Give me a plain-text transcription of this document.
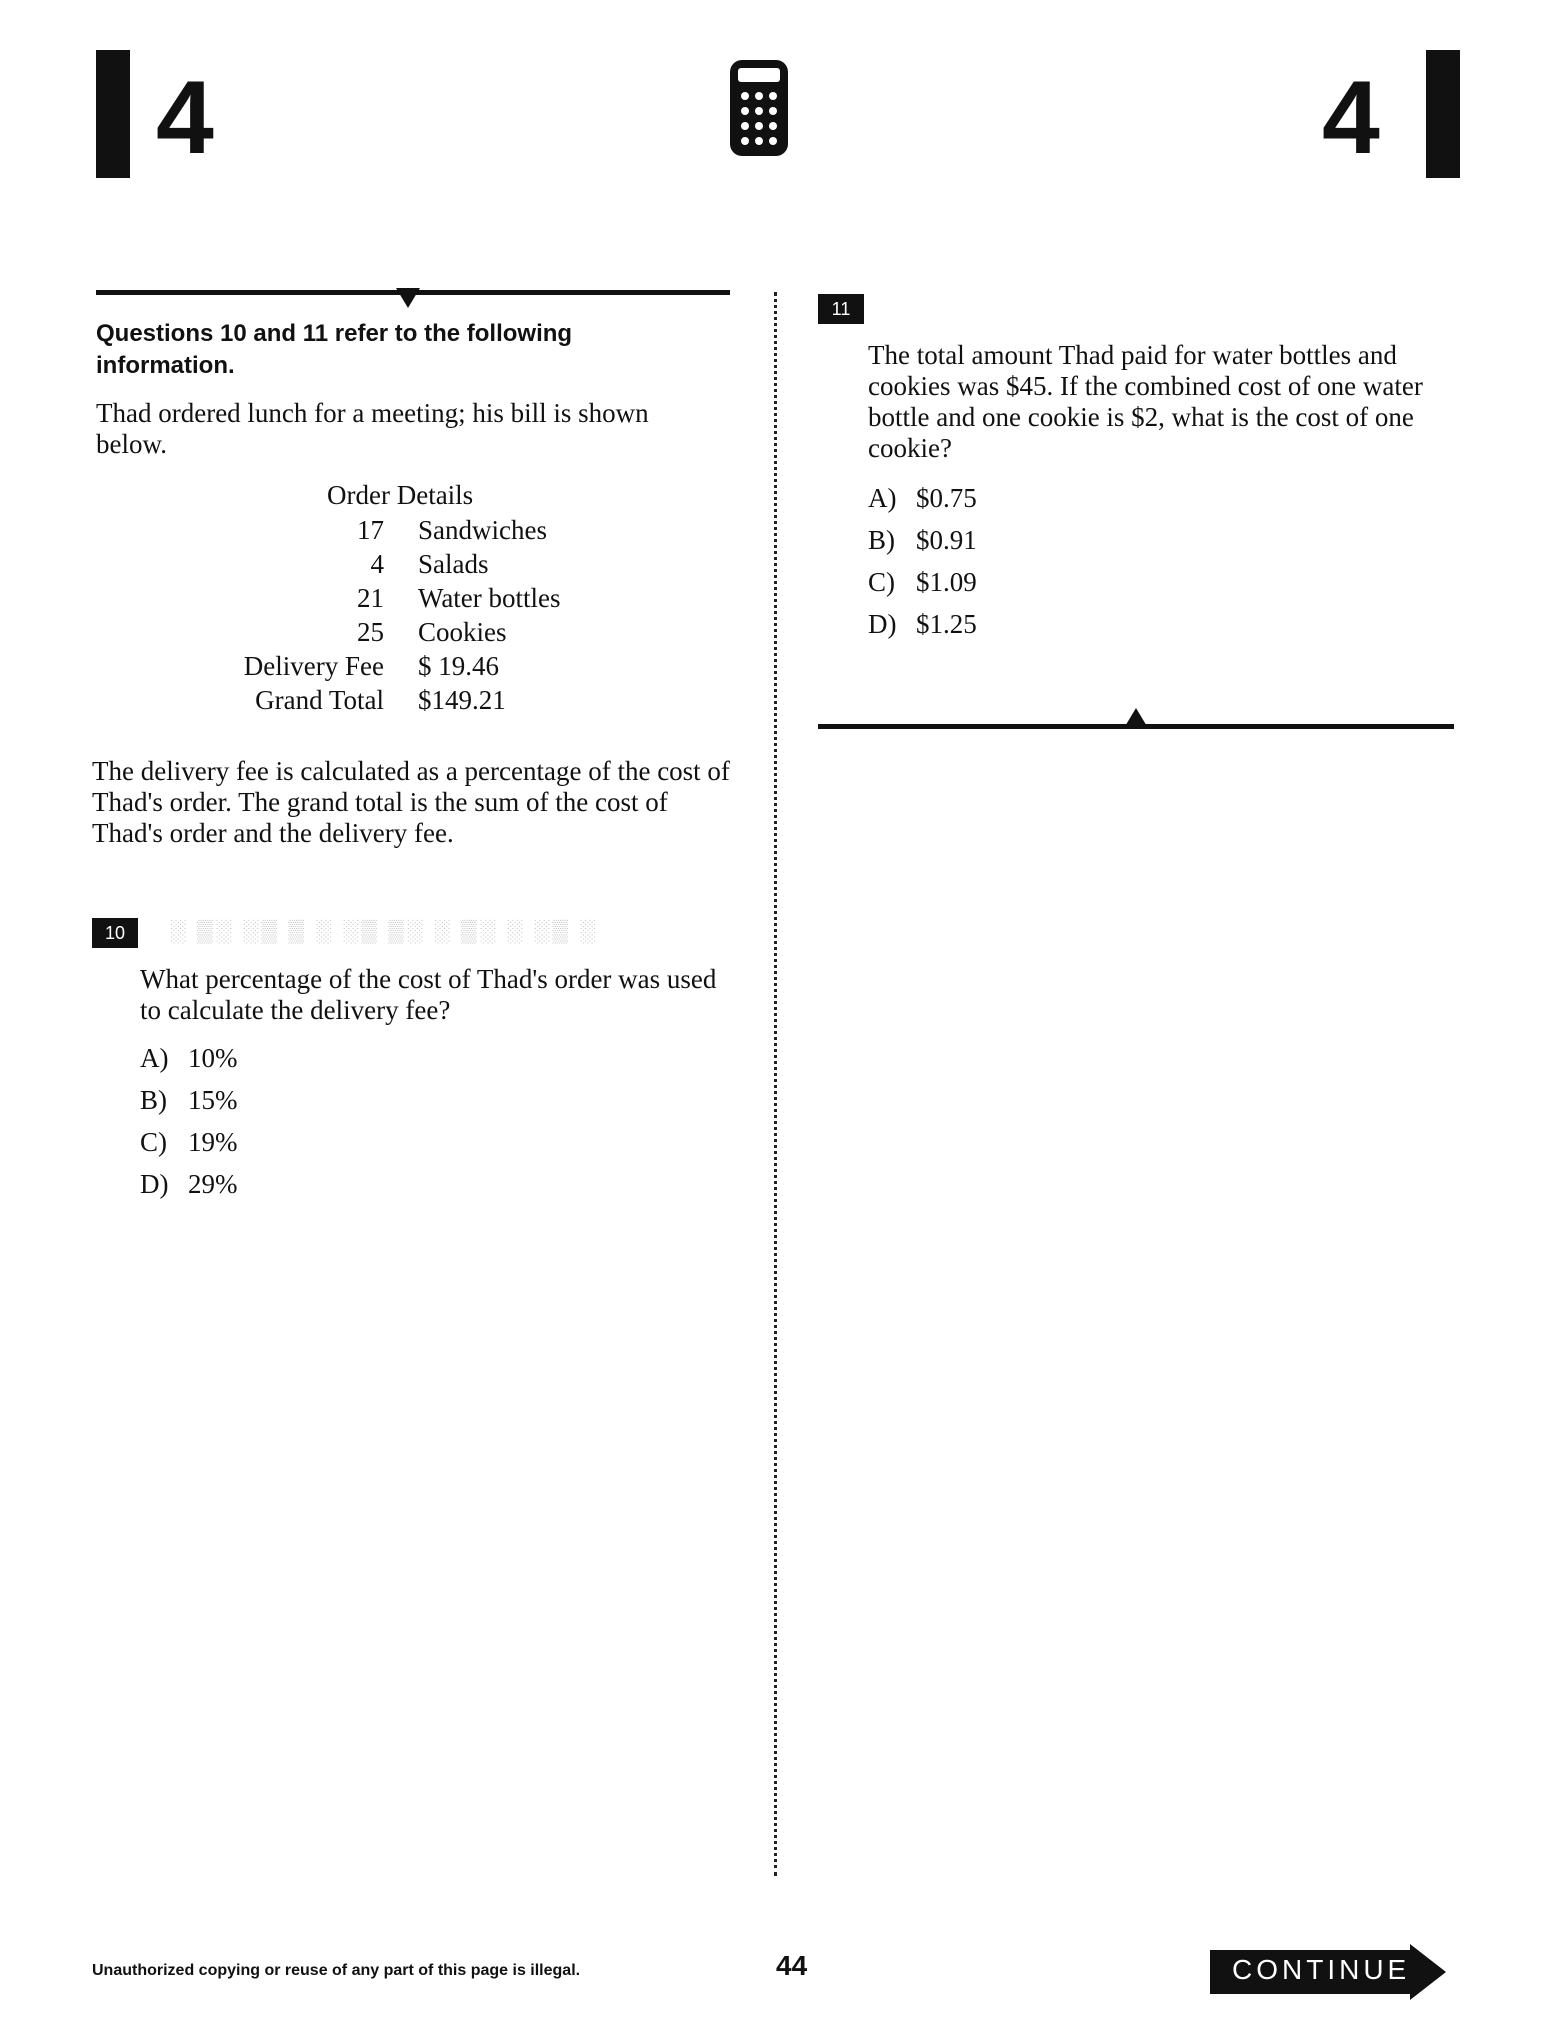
4	4
Questions 10 and 11 refer to the following information.
Thad ordered lunch for a meeting; his bill is shown below.
Order Details
17 Sandwiches
4 Salads
21 Water bottles
25 Cookies
Delivery Fee $ 19.46
Grand Total $149.21
The delivery fee is calculated as a percentage of the cost of Thad's order. The grand total is the sum of the cost of Thad's order and the delivery fee.
10	░ ▒░ ░▒ ▒ ░ ░▒ ▒░ ░ ▒░ ░ ░▒ ░
What percentage of the cost of Thad's order was used to calculate the delivery fee?
A) 10%
B) 15%
C) 19%
D) 29%
11
The total amount Thad paid for water bottles and cookies was $45. If the combined cost of one water bottle and one cookie is $2, what is the cost of one cookie?
A) $0.75
B) $0.91
C) $1.09
D) $1.25
Unauthorized copying or reuse of any part of this page is illegal.	44	CONTINUE
